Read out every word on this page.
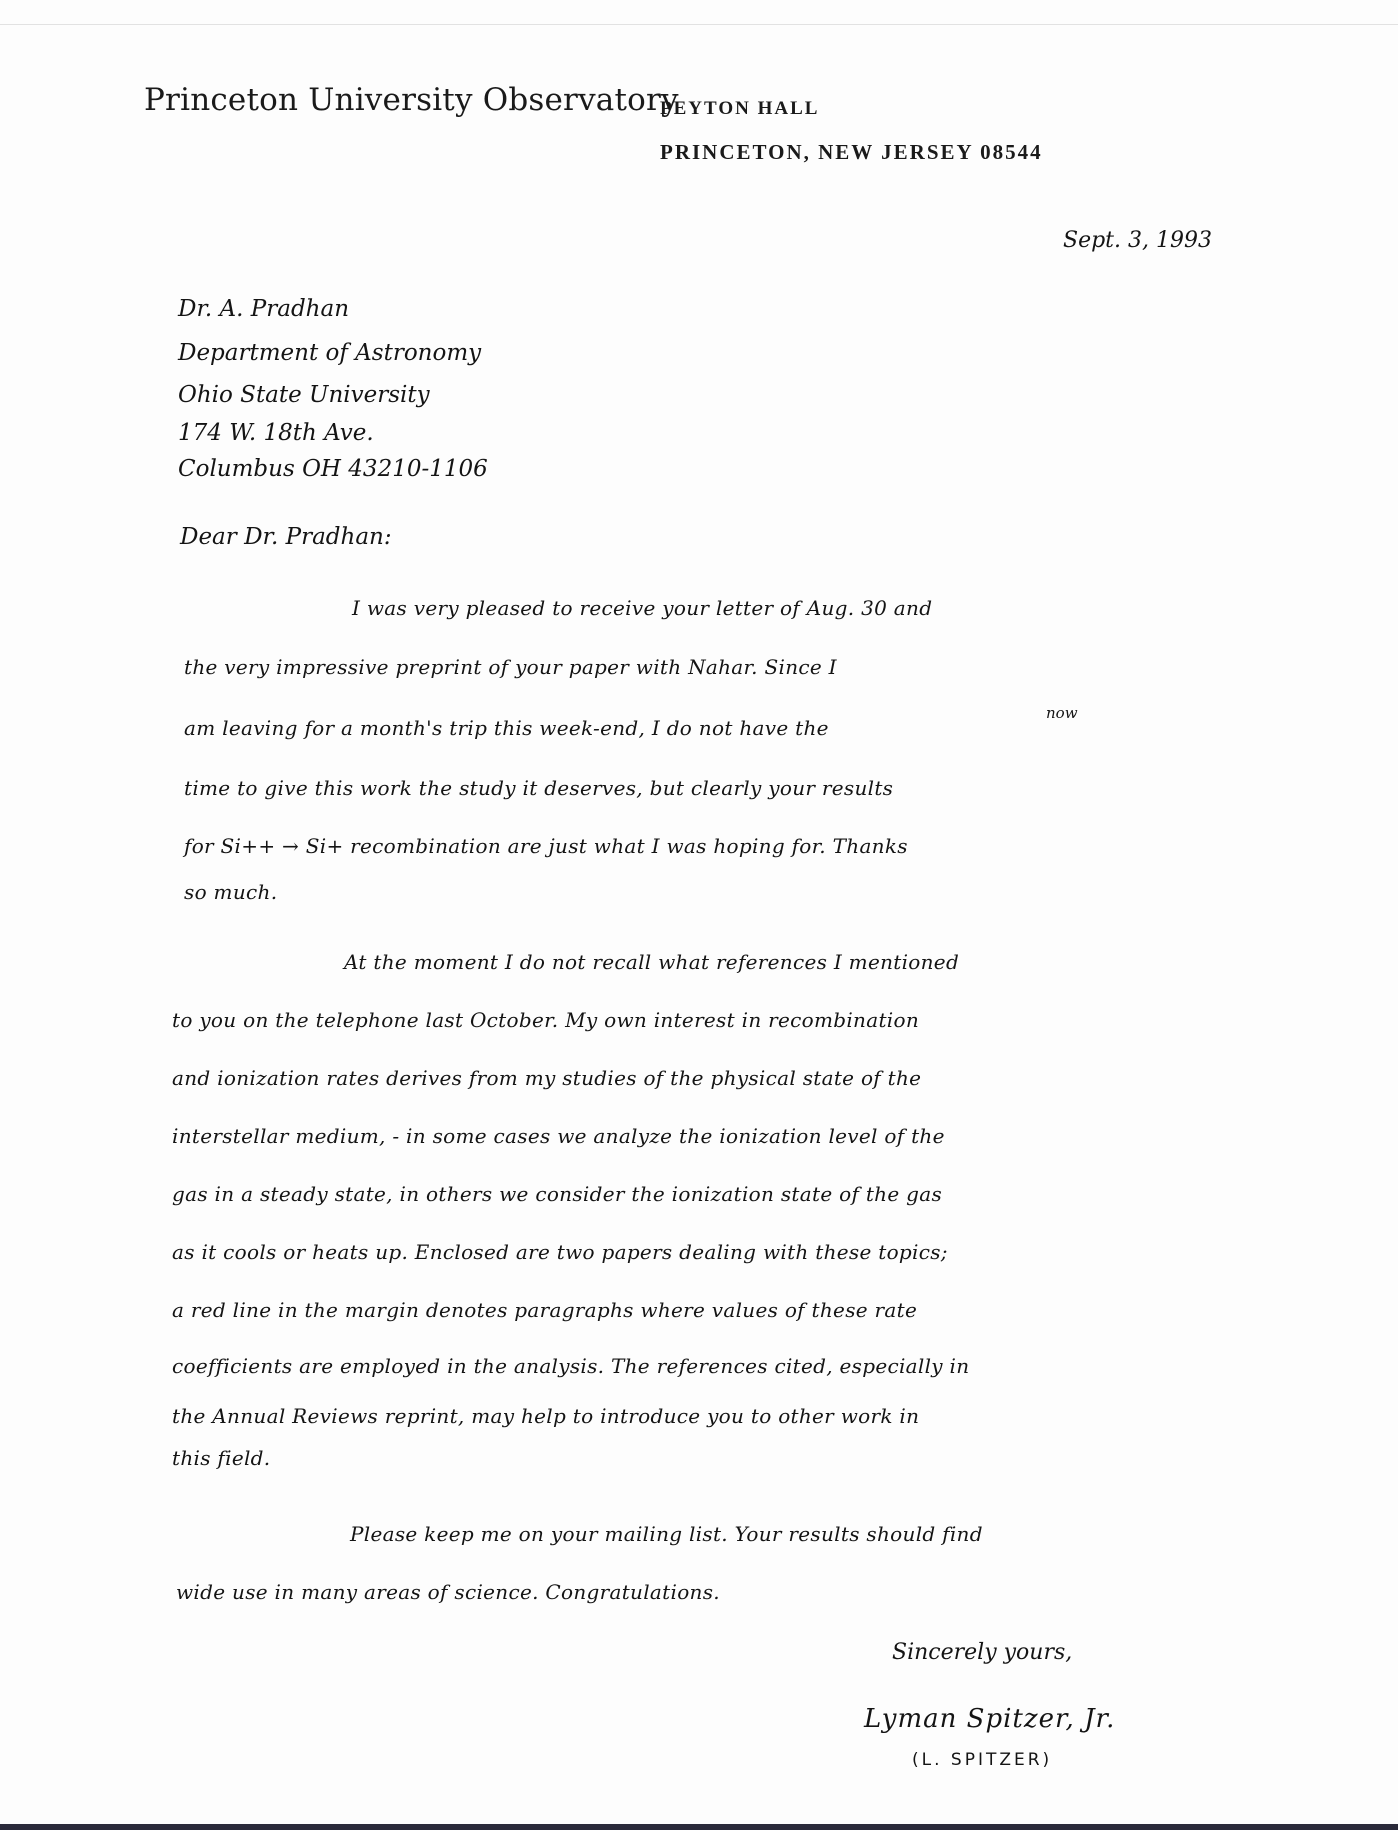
Princeton University Observatory
PEYTON HALL
PRINCETON, NEW JERSEY 08544
Sept. 3, 1993
Dr. A. Pradhan
Department of Astronomy
Ohio State University
174 W. 18th Ave.
Columbus OH 43210-1106
Dear Dr. Pradhan:
I was very pleased to receive your letter of Aug. 30 and
the very impressive preprint of your paper with Nahar. Since I
now
am leaving for a month's trip this week-end, I do not have the
time to give this work the study it deserves, but clearly your results
for Si++ → Si+ recombination are just what I was hoping for. Thanks
so much.
At the moment I do not recall what references I mentioned
to you on the telephone last October. My own interest in recombination
and ionization rates derives from my studies of the physical state of the
interstellar medium, - in some cases we analyze the ionization level of the
gas in a steady state, in others we consider the ionization state of the gas
as it cools or heats up. Enclosed are two papers dealing with these topics;
a red line in the margin denotes paragraphs where values of these rate
coefficients are employed in the analysis. The references cited, especially in
the Annual Reviews reprint, may help to introduce you to other work in
this field.
Please keep me on your mailing list. Your results should find
wide use in many areas of science. Congratulations.
Sincerely yours,
Lyman Spitzer, Jr.
(L. SPITZER)
